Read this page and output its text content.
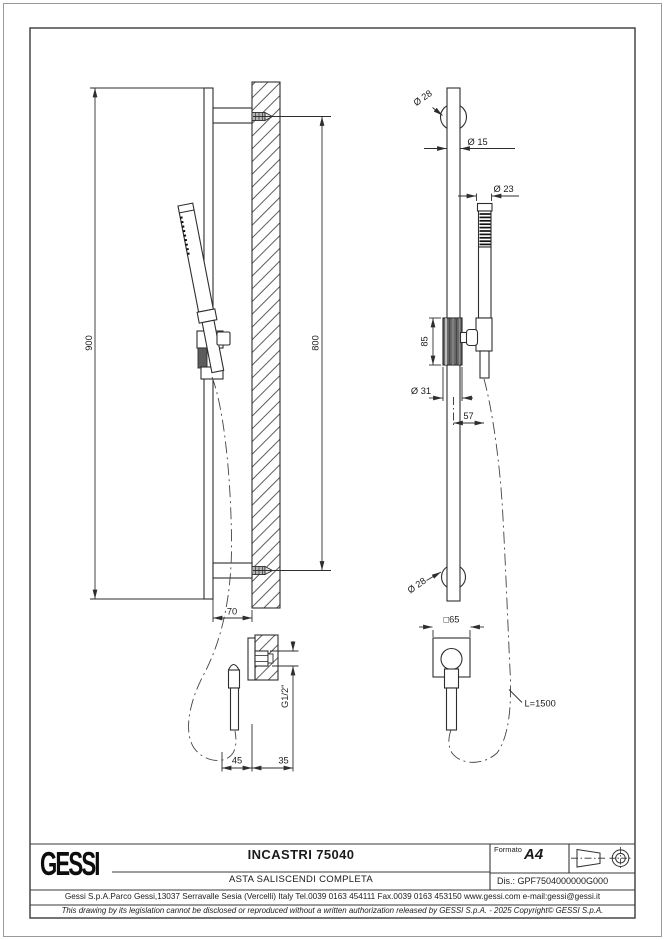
900	800
70
G1/2"
45	35
Ø 28
Ø 15
Ø 23
85
Ø 31
57
Ø 28
□65
L=1500
GESSI	INCASTRI 75040
ASTA SALISCENDI COMPLETA
Formato A4
Dis.: GPF7504000000G000
Gessi S.p.A.Parco Gessi,13037 Serravalle Sesia (Vercelli) Italy Tel.0039 0163 454111 Fax.0039 0163 453150 www.gessi.com e-mail:gessi@gessi.it
This drawing by its legislation cannot be disclosed or reproduced without a written authorization released by GESSI S.p.A. - 2025 Copyright© GESSI S.p.A.
